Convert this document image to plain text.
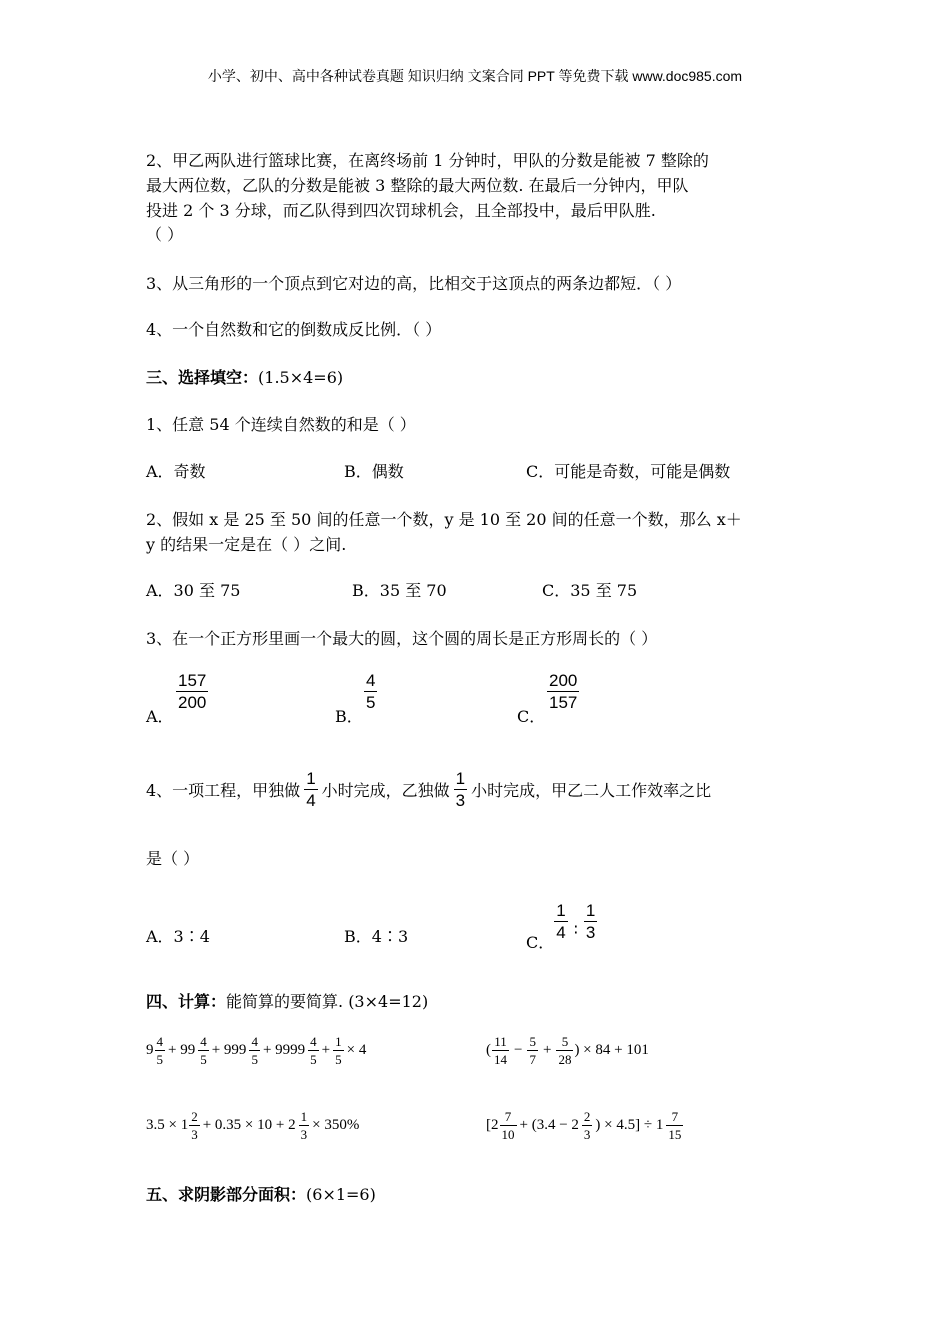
小学、初中、高中各种试卷真题 知识归纳 文案合同 PPT 等免费下载 www.doc985.com
2、甲乙两队进行篮球比赛，在离终场前 1 分钟时，甲队的分数是能被 7 整除的
最大两位数，乙队的分数是能被 3 整除的最大两位数. 在最后一分钟内，甲队
投进 2 个 3 分球，而乙队得到四次罚球机会，且全部投中，最后甲队胜.
（ ）
3、从三角形的一个顶点到它对边的高，比相交于这顶点的两条边都短．（ ）
4、一个自然数和它的倒数成反比例．（ ）
三、选择填空：(1.5×4=6)
1、任意 54 个连续自然数的和是（ ）
A．奇数	B．偶数	C．可能是奇数，可能是偶数
2、假如 x 是 25 至 50 间的任意一个数，y 是 10 至 20 间的任意一个数，那么 x＋
y 的结果一定是在（ ）之间.
A．30 至 75	B．35 至 70	C．35 至 75
3、在一个正方形里画一个最大的圆，这个圆的周长是正方形周长的（ ）
A．
$\frac{157}{200}$
B．
$\frac{4}{5}$
C．
$\frac{200}{157}$
4、一项工程，甲独做 $\frac{1}{4}$ 小时完成，乙独做 $\frac{1}{3}$ 小时完成，甲乙二人工作效率之比
是（ ）
A．3∶4	B．4∶3	C．
$\frac{1}{4}$ ∶ $\frac{1}{3}$
四、计算：能简算的要简算. (3×4=12)
$9 \frac{4}{5} + 99 \frac{4}{5} + 999 \frac{4}{5} + 9999 \frac{4}{5} + \frac{1}{5} \times 4$	( $\frac{11}{14} - \frac{5}{7} + \frac{5}{28}$ ) × 84 + 101
$3.5 \times 1 \frac{2}{3} + 0.35 \times 10 + 2 \frac{1}{3} \times 350\%$	[$2 \frac{7}{10} + (3.4 - 2 \frac{2}{3}$ ) × $4.5] \div 1 \frac{7}{15}$
五、求阴影部分面积：(6×1=6)
